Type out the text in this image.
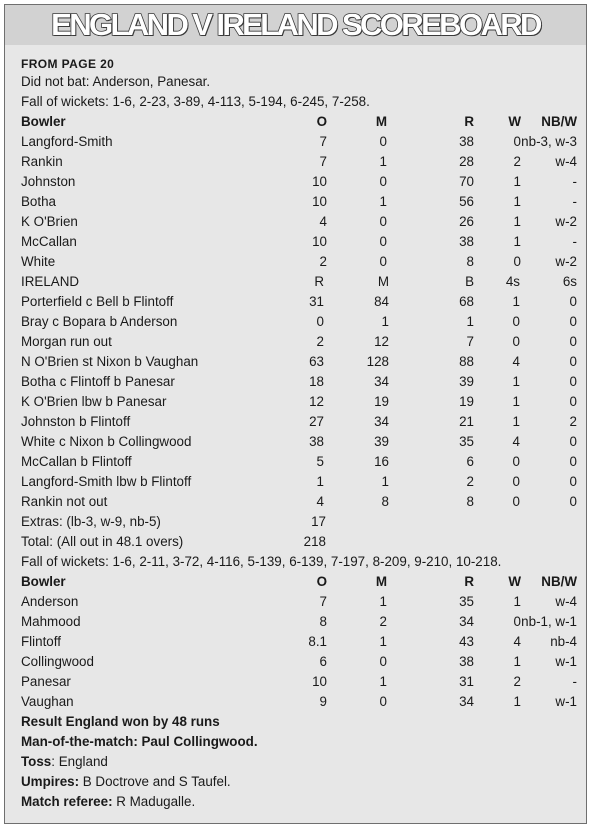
ENGLAND V IRELAND SCOREBOARD
FROM PAGE 20
Did not bat: Anderson, Panesar.
Fall of wickets: 1-6, 2-23, 3-89, 4-113, 5-194, 6-245, 7-258.
Bowler	O	M	R	W NB/W
Langford-Smith	7	0	38	0 nb-3, w-3
Rankin	7	1	28	2	w-4
Johnston	10	0	70	1	-
Botha	10	1	56	1	-
K O'Brien	4	0	26	1	w-2
McCallan	10	0	38	1	-
White	2	0	8	0	w-2
IRELAND	R	M	B 4s	6s
Porterfield c Bell b Flintoff	31	84	68	1	0
Bray c Bopara b Anderson	0	1	1	0	0
Morgan run out	2	12	7	0	0
N O'Brien st Nixon b Vaughan	63	128	88	4	0
Botha c Flintoff b Panesar	18	34	39	1	0
K O'Brien lbw b Panesar	12	19	19	1	0
Johnston b Flintoff	27	34	21	1	2
White c Nixon b Collingwood	38	39	35	4	0
McCallan b Flintoff	5	16	6	0	0
Langford-Smith lbw b Flintoff	1	1	2	0	0
Rankin not out	4	8	8	0	0
Extras: (lb-3, w-9, nb-5)	17
Total: (All out in 48.1 overs)	218
Fall of wickets: 1-6, 2-11, 3-72, 4-116, 5-139, 6-139, 7-197, 8-209, 9-210, 10-218.
Bowler	O	M	R	W NB/W
Anderson	7	1	35	1	w-4
Mahmood	8	2	34	0 nb-1, w-1
Flintoff	8.1	1	43	4 nb-4
Collingwood	6	0	38	1	w-1
Panesar	10	1	31	2	-
Vaughan	9	0	34	1	w-1
Result England won by 48 runs
Man-of-the-match: Paul Collingwood.
Toss: England
Umpires: B Doctrove and S Taufel.
Match referee: R Madugalle.
